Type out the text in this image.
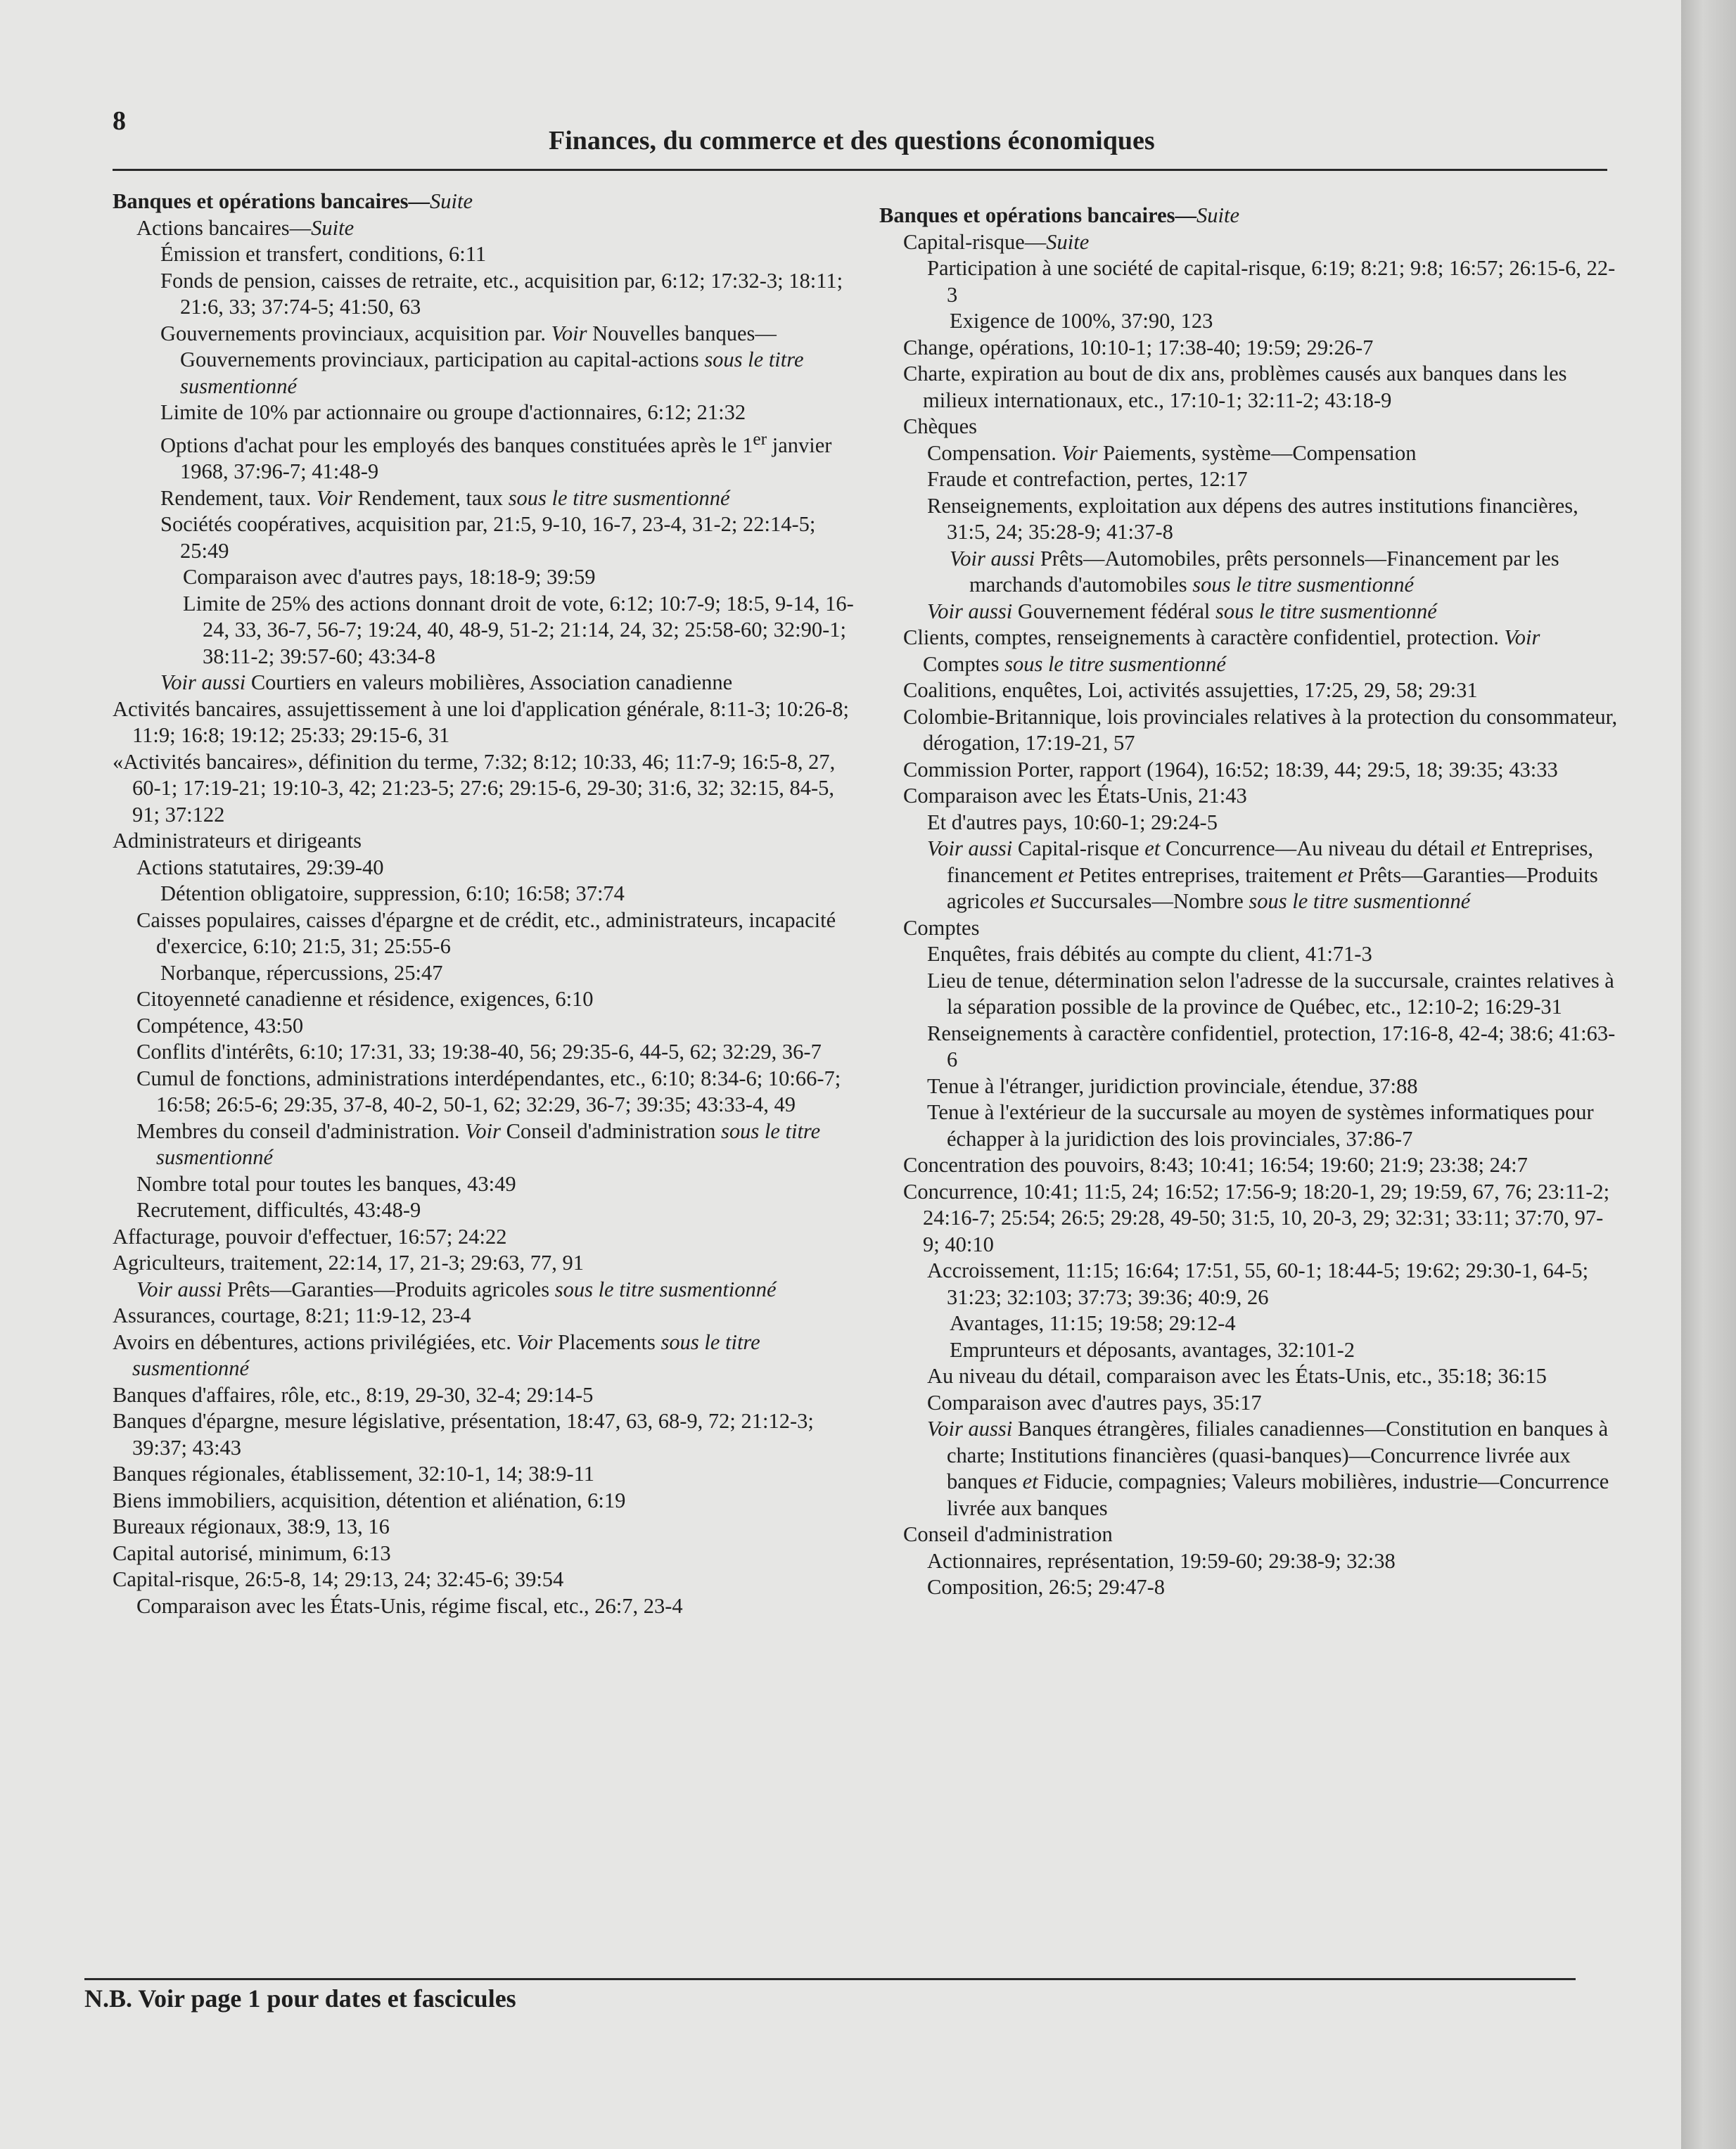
8
Finances, du commerce et des questions économiques

Banques et opérations bancaires—Suite

Actions bancaires—Suite

Émission et transfert, conditions, 6:11

Fonds de pension, caisses de retraite, etc., acquisition par, 6:12; 17:32-3; 18:11; 21:6, 33; 37:74-5; 41:50, 63

Gouvernements provinciaux, acquisition par. Voir Nouvelles banques—Gouvernements provinciaux, participation au capital-actions sous le titre susmentionné

Limite de 10% par actionnaire ou groupe d'actionnaires, 6:12; 21:32

Options d'achat pour les employés des banques constituées après le 1er janvier 1968, 37:96-7; 41:48-9

Rendement, taux. Voir Rendement, taux sous le titre susmentionné

Sociétés coopératives, acquisition par, 21:5, 9-10, 16-7, 23-4, 31-2; 22:14-5; 25:49

Comparaison avec d'autres pays, 18:18-9; 39:59

Limite de 25% des actions donnant droit de vote, 6:12; 10:7-9; 18:5, 9-14, 16-24, 33, 36-7, 56-7; 19:24, 40, 48-9, 51-2; 21:14, 24, 32; 25:58-60; 32:90-1; 38:11-2; 39:57-60; 43:34-8

Voir aussi Courtiers en valeurs mobilières, Association canadienne

Activités bancaires, assujettissement à une loi d'application générale, 8:11-3; 10:26-8; 11:9; 16:8; 19:12; 25:33; 29:15-6, 31

«Activités bancaires», définition du terme, 7:32; 8:12; 10:33, 46; 11:7-9; 16:5-8, 27, 60-1; 17:19-21; 19:10-3, 42; 21:23-5; 27:6; 29:15-6, 29-30; 31:6, 32; 32:15, 84-5, 91; 37:122

Administrateurs et dirigeants

Actions statutaires, 29:39-40

Détention obligatoire, suppression, 6:10; 16:58; 37:74

Caisses populaires, caisses d'épargne et de crédit, etc., administrateurs, incapacité d'exercice, 6:10; 21:5, 31; 25:55-6

Norbanque, répercussions, 25:47

Citoyenneté canadienne et résidence, exigences, 6:10

Compétence, 43:50

Conflits d'intérêts, 6:10; 17:31, 33; 19:38-40, 56; 29:35-6, 44-5, 62; 32:29, 36-7

Cumul de fonctions, administrations interdépendantes, etc., 6:10; 8:34-6; 10:66-7; 16:58; 26:5-6; 29:35, 37-8, 40-2, 50-1, 62; 32:29, 36-7; 39:35; 43:33-4, 49

Membres du conseil d'administration. Voir Conseil d'administration sous le titre susmentionné

Nombre total pour toutes les banques, 43:49

Recrutement, difficultés, 43:48-9

Affacturage, pouvoir d'effectuer, 16:57; 24:22

Agriculteurs, traitement, 22:14, 17, 21-3; 29:63, 77, 91

Voir aussi Prêts—Garanties—Produits agricoles sous le titre susmentionné

Assurances, courtage, 8:21; 11:9-12, 23-4

Avoirs en débentures, actions privilégiées, etc. Voir Placements sous le titre susmentionné

Banques d'affaires, rôle, etc., 8:19, 29-30, 32-4; 29:14-5

Banques d'épargne, mesure législative, présentation, 18:47, 63, 68-9, 72; 21:12-3; 39:37; 43:43

Banques régionales, établissement, 32:10-1, 14; 38:9-11

Biens immobiliers, acquisition, détention et aliénation, 6:19

Bureaux régionaux, 38:9, 13, 16

Capital autorisé, minimum, 6:13

Capital-risque, 26:5-8, 14; 29:13, 24; 32:45-6; 39:54

Comparaison avec les États-Unis, régime fiscal, etc., 26:7, 23-4

Banques et opérations bancaires—Suite

Capital-risque—Suite

Participation à une société de capital-risque, 6:19; 8:21; 9:8; 16:57; 26:15-6, 22-3

Exigence de 100%, 37:90, 123

Change, opérations, 10:10-1; 17:38-40; 19:59; 29:26-7

Charte, expiration au bout de dix ans, problèmes causés aux banques dans les milieux internationaux, etc., 17:10-1; 32:11-2; 43:18-9

Chèques

Compensation. Voir Paiements, système—Compensation

Fraude et contrefaction, pertes, 12:17

Renseignements, exploitation aux dépens des autres institutions financières, 31:5, 24; 35:28-9; 41:37-8

Voir aussi Prêts—Automobiles, prêts personnels—Financement par les marchands d'automobiles sous le titre susmentionné

Voir aussi Gouvernement fédéral sous le titre susmentionné

Clients, comptes, renseignements à caractère confidentiel, protection. Voir Comptes sous le titre susmentionné

Coalitions, enquêtes, Loi, activités assujetties, 17:25, 29, 58; 29:31

Colombie-Britannique, lois provinciales relatives à la protection du consommateur, dérogation, 17:19-21, 57

Commission Porter, rapport (1964), 16:52; 18:39, 44; 29:5, 18; 39:35; 43:33

Comparaison avec les États-Unis, 21:43

Et d'autres pays, 10:60-1; 29:24-5

Voir aussi Capital-risque et Concurrence—Au niveau du détail et Entreprises, financement et Petites entreprises, traitement et Prêts—Garanties—Produits agricoles et Succursales—Nombre sous le titre susmentionné

Comptes

Enquêtes, frais débités au compte du client, 41:71-3

Lieu de tenue, détermination selon l'adresse de la succursale, craintes relatives à la séparation possible de la province de Québec, etc., 12:10-2; 16:29-31

Renseignements à caractère confidentiel, protection, 17:16-8, 42-4; 38:6; 41:63-6

Tenue à l'étranger, juridiction provinciale, étendue, 37:88

Tenue à l'extérieur de la succursale au moyen de systèmes informatiques pour échapper à la juridiction des lois provinciales, 37:86-7

Concentration des pouvoirs, 8:43; 10:41; 16:54; 19:60; 21:9; 23:38; 24:7

Concurrence, 10:41; 11:5, 24; 16:52; 17:56-9; 18:20-1, 29; 19:59, 67, 76; 23:11-2; 24:16-7; 25:54; 26:5; 29:28, 49-50; 31:5, 10, 20-3, 29; 32:31; 33:11; 37:70, 97-9; 40:10

Accroissement, 11:15; 16:64; 17:51, 55, 60-1; 18:44-5; 19:62; 29:30-1, 64-5; 31:23; 32:103; 37:73; 39:36; 40:9, 26

Avantages, 11:15; 19:58; 29:12-4

Emprunteurs et déposants, avantages, 32:101-2

Au niveau du détail, comparaison avec les États-Unis, etc., 35:18; 36:15

Comparaison avec d'autres pays, 35:17

Voir aussi Banques étrangères, filiales canadiennes—Constitution en banques à charte; Institutions financières (quasi-banques)—Concurrence livrée aux banques et Fiducie, compagnies; Valeurs mobilières, industrie—Concurrence livrée aux banques

Conseil d'administration

Actionnaires, représentation, 19:59-60; 29:38-9; 32:38

Composition, 26:5; 29:47-8

N.B. Voir page 1 pour dates et fascicules
